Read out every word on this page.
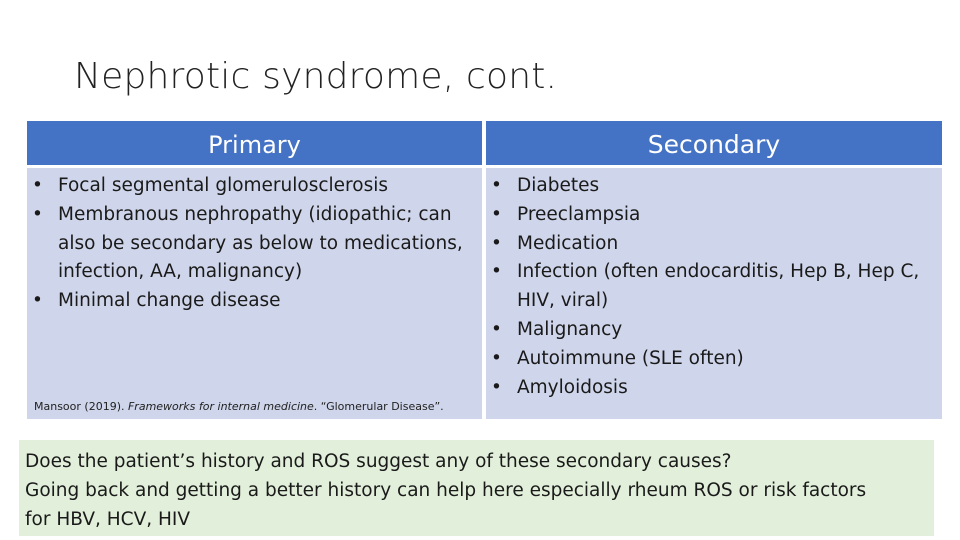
Nephrotic syndrome, cont.
Primary	Secondary
• Focal segmental glomerulosclerosis
• Membranous nephropathy (idiopathic; can also be secondary as below to medications, infection, AA, malignancy)
• Minimal change disease
Mansoor (2019). Frameworks for internal medicine. “Glomerular Disease”.
• Diabetes
• Preeclampsia
• Medication
• Infection (often endocarditis, Hep B, Hep C, HIV, viral)
• Malignancy
• Autoimmune (SLE often)
• Amyloidosis
Does the patient’s history and ROS suggest any of these secondary causes?
Going back and getting a better history can help here especially rheum ROS or risk factors
for HBV, HCV, HIV
